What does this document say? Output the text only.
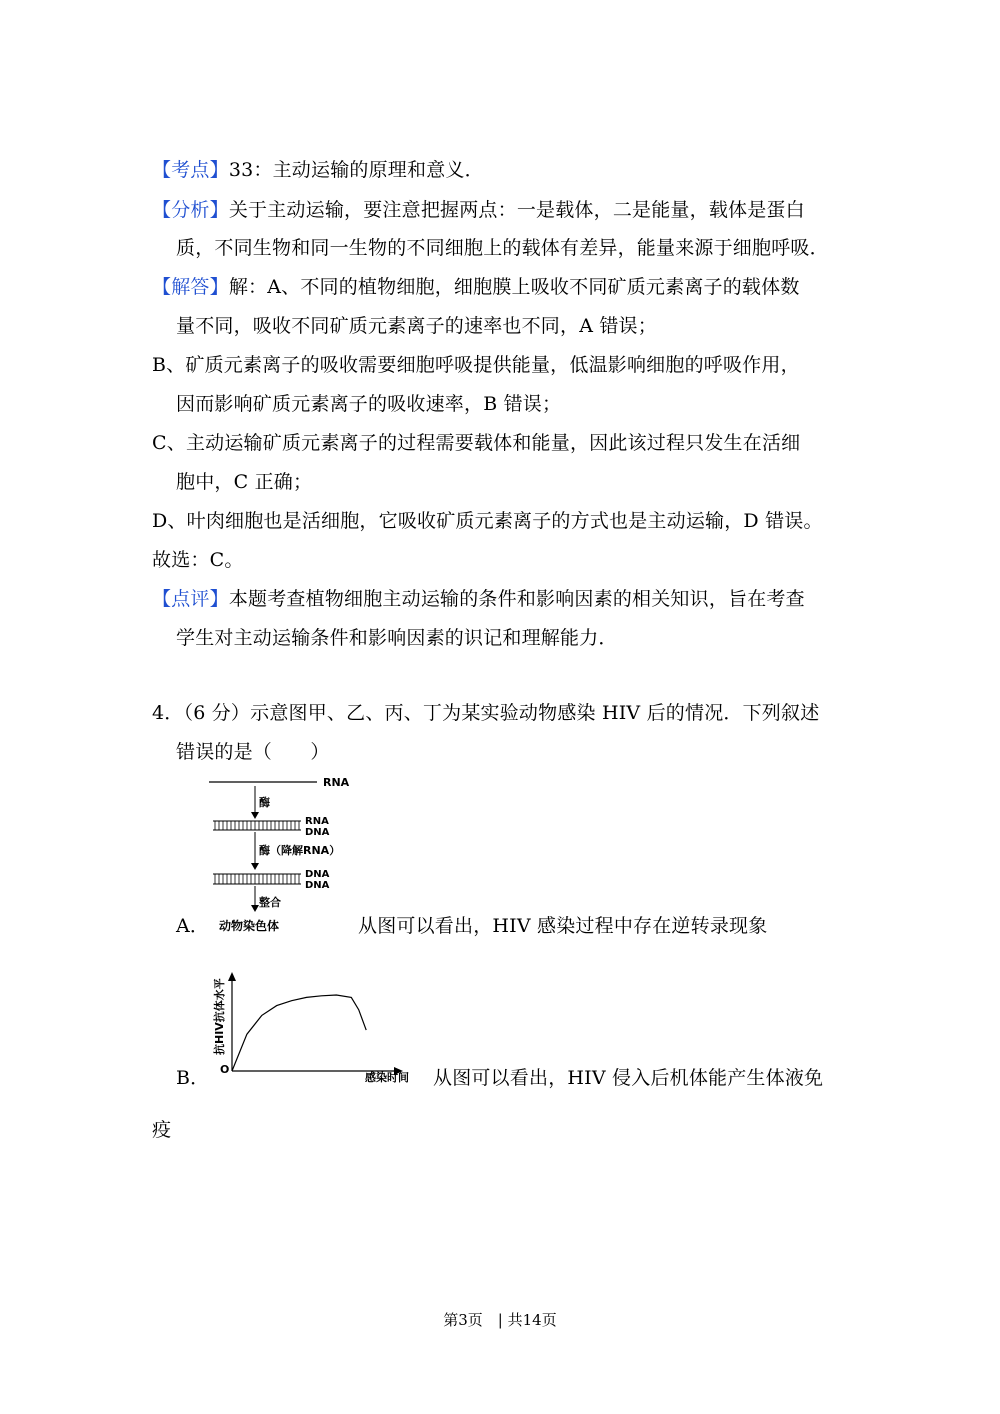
【考点】33：主动运输的原理和意义．
【分析】关于主动运输，要注意把握两点：一是载体，二是能量，载体是蛋白
质，不同生物和同一生物的不同细胞上的载体有差异，能量来源于细胞呼吸．
【解答】解：A、不同的植物细胞，细胞膜上吸收不同矿质元素离子的载体数
量不同，吸收不同矿质元素离子的速率也不同，A 错误；
B、矿质元素离子的吸收需要细胞呼吸提供能量，低温影响细胞的呼吸作用，
因而影响矿质元素离子的吸收速率，B 错误；
C、主动运输矿质元素离子的过程需要载体和能量，因此该过程只发生在活细
胞中，C 正确；
D、叶肉细胞也是活细胞，它吸收矿质元素离子的方式也是主动运输，D 错误。
故选：C。
【点评】本题考查植物细胞主动运输的条件和影响因素的相关知识，旨在考查
学生对主动运输条件和影响因素的识记和理解能力．
4．（6 分）示意图甲、乙、丙、丁为某实验动物感染 HIV 后的情况．下列叙述
错误的是（　　）
RNA
酶
RNA
DNA
酶（降解RNA）
DNA
DNA
整合
动物染色体
A．	从图可以看出，HIV 感染过程中存在逆转录现象
O
抗HIV抗体水平
感染时间
B．	从图可以看出，HIV 侵入后机体能产生体液免
疫
第3页　| 共14页
